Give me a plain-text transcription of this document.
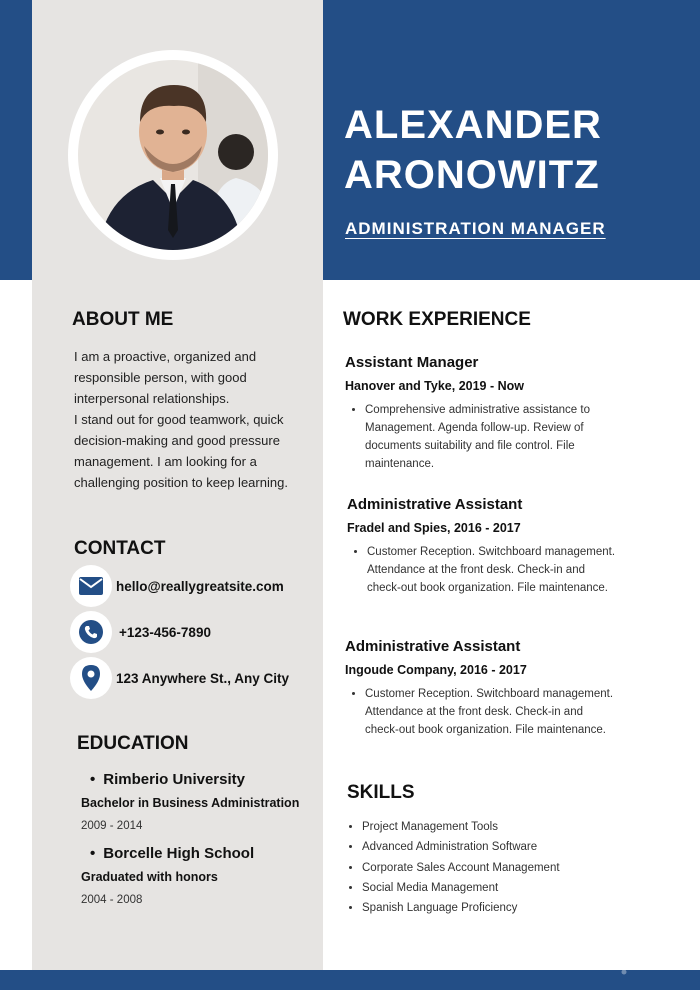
ALEXANDER
ARONOWITZ
ADMINISTRATION MANAGER
ABOUT ME

I am a proactive, organized and responsible person, with good interpersonal relationships.

I stand out for good teamwork, quick decision-making and good pressure management. I am looking for a challenging position to keep learning.

CONTACT
hello@reallygreatsite.com
+123-456-7890
123 Anywhere St., Any City
EDUCATION
• Rimberio University
Bachelor in Business Administration
2009 - 2014
• Borcelle High School
Graduated with honors
2004 - 2008
WORK EXPERIENCE

Assistant Manager

Hanover and Tyke, 2019 - Now

• Comprehensive administrative assistance to Management. Agenda follow-up. Review of documents suitability and file control. File maintenance.

Administrative Assistant

Fradel and Spies, 2016 - 2017

• Customer Reception. Switchboard management. Attendance at the front desk. Check-in and check-out book organization. File maintenance.

Administrative Assistant

Ingoude Company, 2016 - 2017

• Customer Reception. Switchboard management. Attendance at the front desk. Check-in and check-out book organization. File maintenance.
SKILLS
• Project Management Tools
• Advanced Administration Software
• Corporate Sales Account Management
• Social Media Management
• Spanish Language Proficiency
